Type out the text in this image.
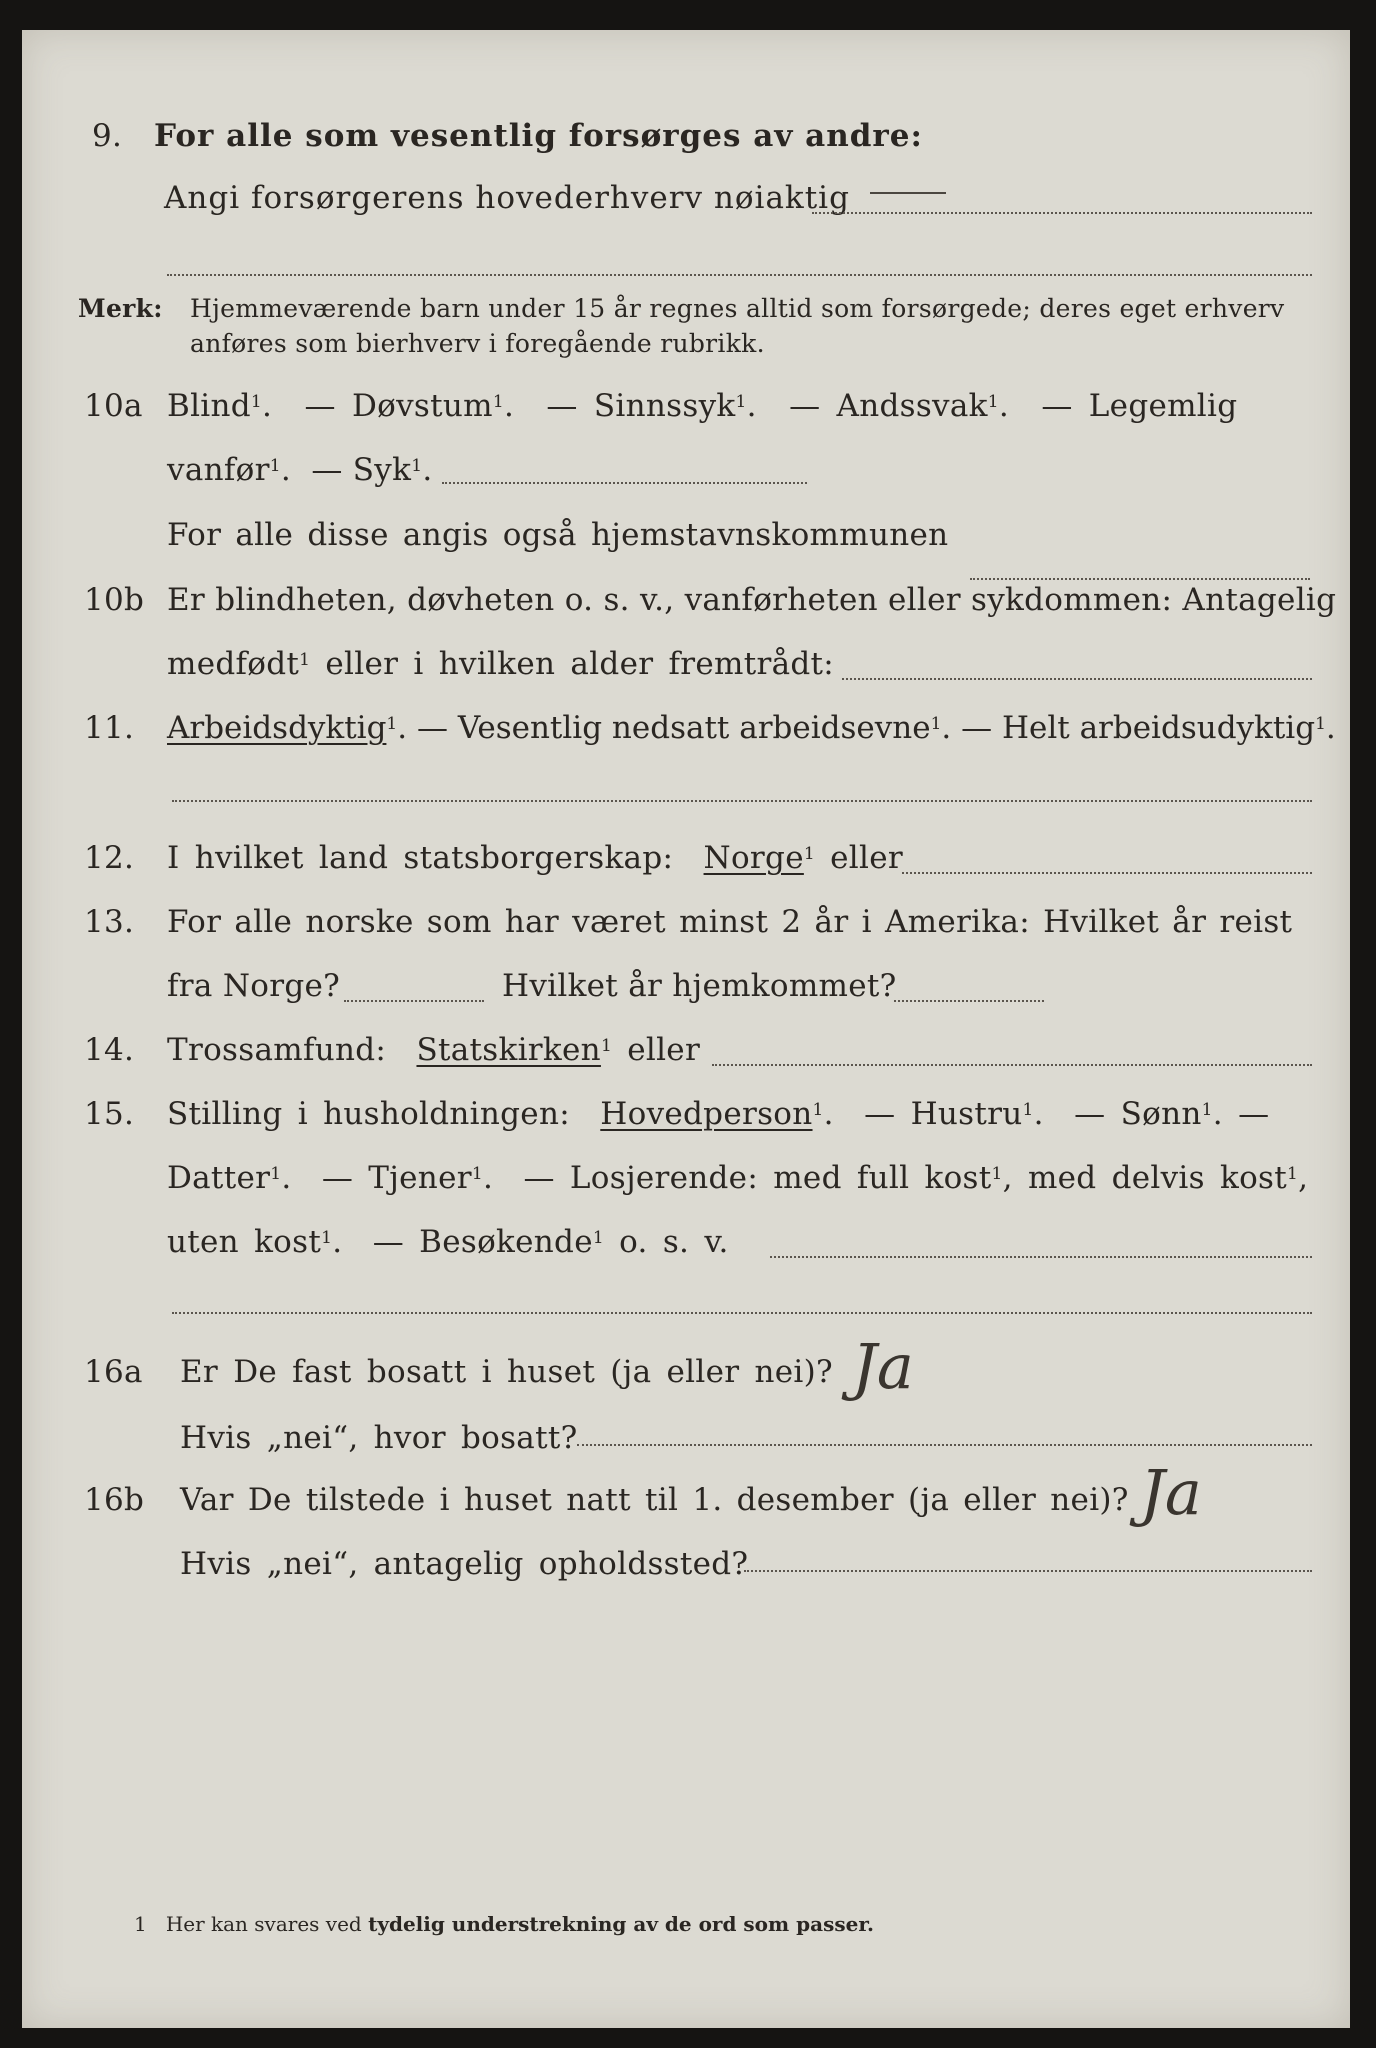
9. For alle som vesentlig forsørges av andre:
Angi forsørgerens hovederhverv nøiaktig
Merk: Hjemmeværende barn under 15 år regnes alltid som forsørgede; deres eget erhverv
anføres som bierhverv i foregående rubrikk.
10a Blind$^1$.  — Døvstum$^1$.  — Sinnssyk$^1$.  — Andssvak$^1$.  — Legemlig
vanfør$^1$.  — Syk$^1$.
For alle disse angis også hjemstavnskommunen
10b Er blindheten, døvheten o. s. v., vanførheten eller sykdommen: Antagelig
medfødt$^1$ eller i hvilken alder fremtrådt:
11. Arbeidsdyktig$^1$. — Vesentlig nedsatt arbeidsevne$^1$. — Helt arbeidsudyktig$^1$.
12. I hvilket land statsborgerskap: Norge$^1$ eller
13. For alle norske som har været minst 2 år i Amerika: Hvilket år reist
fra Norge?	Hvilket år hjemkommet?
14. Trossamfund: Statskirken$^1$ eller
15. Stilling i husholdningen: Hovedperson$^1$.  — Hustru$^1$.  — Sønn$^1$. —
Datter$^1$.  — Tjener$^1$.  — Losjerende: med full kost$^1$, med delvis kost$^1$,
uten kost$^1$.  — Besøkende$^1$ o. s. v.
16a Er De fast bosatt i huset (ja eller nei)? Ja
Hvis „nei“, hvor bosatt?
16b Var De tilstede i huset natt til 1. desember (ja eller nei)? Ja
Hvis „nei“, antagelig opholdssted?
1 Her kan svares ved tydelig understrekning av de ord som passer.
